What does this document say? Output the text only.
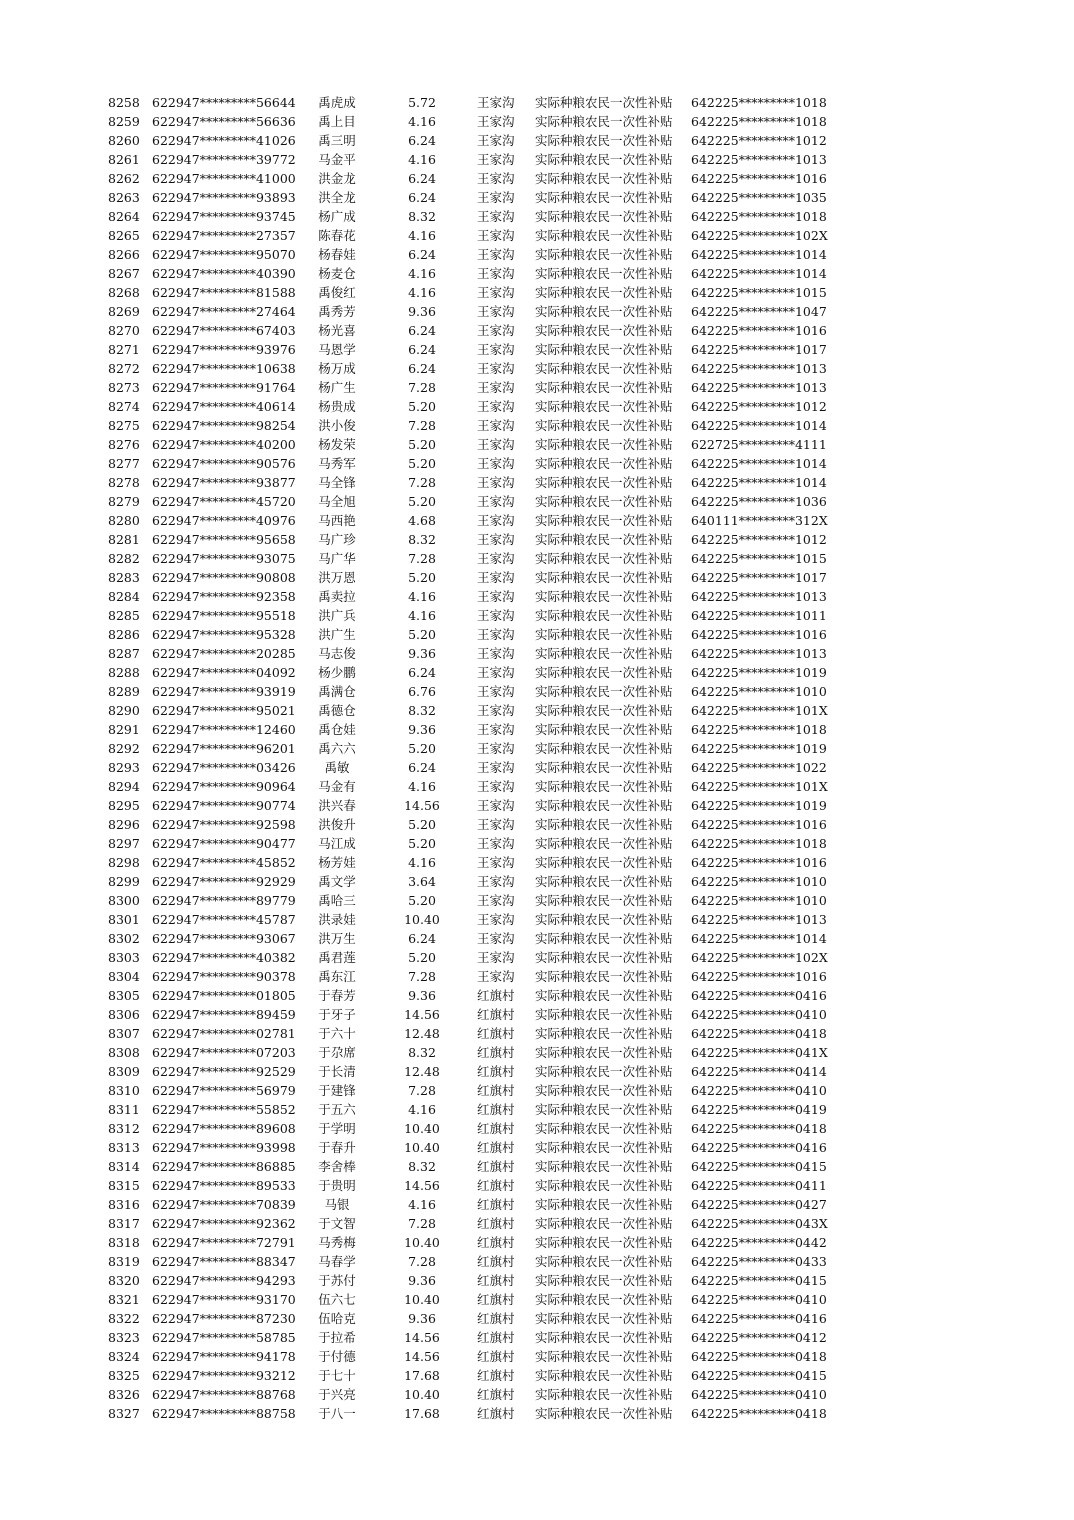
8258 622947*********56644	禹虎成	5.72	王家沟 实际种粮农民一次性补贴 642225*********1018
8259 622947*********56636	禹上目	4.16	王家沟 实际种粮农民一次性补贴 642225*********1018
8260 622947*********41026	禹三明	6.24	王家沟 实际种粮农民一次性补贴 642225*********1012
8261 622947*********39772	马金平	4.16	王家沟 实际种粮农民一次性补贴 642225*********1013
8262 622947*********41000	洪金龙	6.24	王家沟 实际种粮农民一次性补贴 642225*********1016
8263 622947*********93893	洪全龙	6.24	王家沟 实际种粮农民一次性补贴 642225*********1035
8264 622947*********93745	杨广成	8.32	王家沟 实际种粮农民一次性补贴 642225*********1018
8265 622947*********27357	陈春花	4.16	王家沟 实际种粮农民一次性补贴 642225*********102X
8266 622947*********95070	杨春娃	6.24	王家沟 实际种粮农民一次性补贴 642225*********1014
8267 622947*********40390	杨麦仓	4.16	王家沟 实际种粮农民一次性补贴 642225*********1014
8268 622947*********81588	禹俊红	4.16	王家沟 实际种粮农民一次性补贴 642225*********1015
8269 622947*********27464	禹秀芳	9.36	王家沟 实际种粮农民一次性补贴 642225*********1047
8270 622947*********67403	杨光喜	6.24	王家沟 实际种粮农民一次性补贴 642225*********1016
8271 622947*********93976	马恩学	6.24	王家沟 实际种粮农民一次性补贴 642225*********1017
8272 622947*********10638	杨万成	6.24	王家沟 实际种粮农民一次性补贴 642225*********1013
8273 622947*********91764	杨广生	7.28	王家沟 实际种粮农民一次性补贴 642225*********1013
8274 622947*********40614	杨贵成	5.20	王家沟 实际种粮农民一次性补贴 642225*********1012
8275 622947*********98254	洪小俊	7.28	王家沟 实际种粮农民一次性补贴 642225*********1014
8276 622947*********40200	杨发荣	5.20	王家沟 实际种粮农民一次性补贴 622725*********4111
8277 622947*********90576	马秀军	5.20	王家沟 实际种粮农民一次性补贴 642225*********1014
8278 622947*********93877	马全锋	7.28	王家沟 实际种粮农民一次性补贴 642225*********1014
8279 622947*********45720	马全旭	5.20	王家沟 实际种粮农民一次性补贴 642225*********1036
8280 622947*********40976	马西艳	4.68	王家沟 实际种粮农民一次性补贴 640111*********312X
8281 622947*********95658	马广珍	8.32	王家沟 实际种粮农民一次性补贴 642225*********1012
8282 622947*********93075	马广华	7.28	王家沟 实际种粮农民一次性补贴 642225*********1015
8283 622947*********90808	洪万恩	5.20	王家沟 实际种粮农民一次性补贴 642225*********1017
8284 622947*********92358	禹卖拉	4.16	王家沟 实际种粮农民一次性补贴 642225*********1013
8285 622947*********95518	洪广兵	4.16	王家沟 实际种粮农民一次性补贴 642225*********1011
8286 622947*********95328	洪广生	5.20	王家沟 实际种粮农民一次性补贴 642225*********1016
8287 622947*********20285	马志俊	9.36	王家沟 实际种粮农民一次性补贴 642225*********1013
8288 622947*********04092	杨少鹏	6.24	王家沟 实际种粮农民一次性补贴 642225*********1019
8289 622947*********93919	禹满仓	6.76	王家沟 实际种粮农民一次性补贴 642225*********1010
8290 622947*********95021	禹德仓	8.32	王家沟 实际种粮农民一次性补贴 642225*********101X
8291 622947*********12460	禹仓娃	9.36	王家沟 实际种粮农民一次性补贴 642225*********1018
8292 622947*********96201	禹六六	5.20	王家沟 实际种粮农民一次性补贴 642225*********1019
8293 622947*********03426	禹敏	6.24	王家沟 实际种粮农民一次性补贴 642225*********1022
8294 622947*********90964	马金有	4.16	王家沟 实际种粮农民一次性补贴 642225*********101X
8295 622947*********90774	洪兴春	14.56	王家沟 实际种粮农民一次性补贴 642225*********1019
8296 622947*********92598	洪俊升	5.20	王家沟 实际种粮农民一次性补贴 642225*********1016
8297 622947*********90477	马江成	5.20	王家沟 实际种粮农民一次性补贴 642225*********1018
8298 622947*********45852	杨芳娃	4.16	王家沟 实际种粮农民一次性补贴 642225*********1016
8299 622947*********92929	禹文学	3.64	王家沟 实际种粮农民一次性补贴 642225*********1010
8300 622947*********89779	禹哈三	5.20	王家沟 实际种粮农民一次性补贴 642225*********1010
8301 622947*********45787	洪录娃	10.40	王家沟 实际种粮农民一次性补贴 642225*********1013
8302 622947*********93067	洪万生	6.24	王家沟 实际种粮农民一次性补贴 642225*********1014
8303 622947*********40382	禹君莲	5.20	王家沟 实际种粮农民一次性补贴 642225*********102X
8304 622947*********90378	禹东江	7.28	王家沟 实际种粮农民一次性补贴 642225*********1016
8305 622947*********01805	于春芳	9.36	红旗村 实际种粮农民一次性补贴 642225*********0416
8306 622947*********89459	于牙子	14.56	红旗村 实际种粮农民一次性补贴 642225*********0410
8307 622947*********02781	于六十	12.48	红旗村 实际种粮农民一次性补贴 642225*********0418
8308 622947*********07203	于尕席	8.32	红旗村 实际种粮农民一次性补贴 642225*********041X
8309 622947*********92529	于长清	12.48	红旗村 实际种粮农民一次性补贴 642225*********0414
8310 622947*********56979	于建锋	7.28	红旗村 实际种粮农民一次性补贴 642225*********0410
8311 622947*********55852	于五六	4.16	红旗村 实际种粮农民一次性补贴 642225*********0419
8312 622947*********89608	于学明	10.40	红旗村 实际种粮农民一次性补贴 642225*********0418
8313 622947*********93998	于春升	10.40	红旗村 实际种粮农民一次性补贴 642225*********0416
8314 622947*********86885	李舍棒	8.32	红旗村 实际种粮农民一次性补贴 642225*********0415
8315 622947*********89533	于贵明	14.56	红旗村 实际种粮农民一次性补贴 642225*********0411
8316 622947*********70839	马银	4.16	红旗村 实际种粮农民一次性补贴 642225*********0427
8317 622947*********92362	于文智	7.28	红旗村 实际种粮农民一次性补贴 642225*********043X
8318 622947*********72791	马秀梅	10.40	红旗村 实际种粮农民一次性补贴 642225*********0442
8319 622947*********88347	马春学	7.28	红旗村 实际种粮农民一次性补贴 642225*********0433
8320 622947*********94293	于苏付	9.36	红旗村 实际种粮农民一次性补贴 642225*********0415
8321 622947*********93170	伍六七	10.40	红旗村 实际种粮农民一次性补贴 642225*********0410
8322 622947*********87230	伍哈克	9.36	红旗村 实际种粮农民一次性补贴 642225*********0416
8323 622947*********58785	于拉希	14.56	红旗村 实际种粮农民一次性补贴 642225*********0412
8324 622947*********94178	于付德	14.56	红旗村 实际种粮农民一次性补贴 642225*********0418
8325 622947*********93212	于七十	17.68	红旗村 实际种粮农民一次性补贴 642225*********0415
8326 622947*********88768	于兴亮	10.40	红旗村 实际种粮农民一次性补贴 642225*********0410
8327 622947*********88758	于八一	17.68	红旗村 实际种粮农民一次性补贴 642225*********0418
